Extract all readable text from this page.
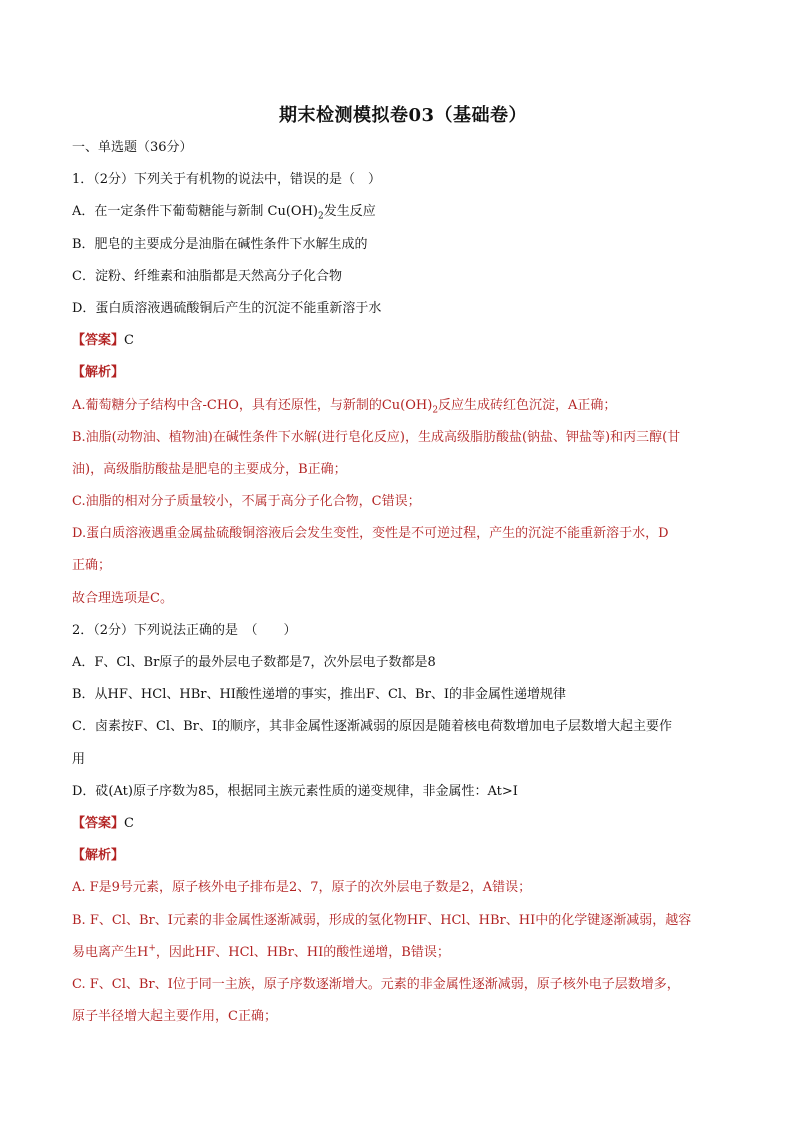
期末检测模拟卷03（基础卷）
一、单选题（36分）
1．（2分）下列关于有机物的说法中，错误的是（　）
A．在一定条件下葡萄糖能与新制 $Cu(OH)_2$发生反应
B．肥皂的主要成分是油脂在碱性条件下水解生成的
C．淀粉、纤维素和油脂都是天然高分子化合物
D．蛋白质溶液遇硫酸铜后产生的沉淀不能重新溶于水
【答案】C
【解析】
A.葡萄糖分子结构中含-CHO，具有还原性，与新制的$Cu(OH)_2$反应生成砖红色沉淀，A正确；
B.油脂(动物油、植物油)在碱性条件下水解(进行皂化反应)，生成高级脂肪酸盐(钠盐、钾盐等)和丙三醇(甘
油)，高级脂肪酸盐是肥皂的主要成分，B正确；
C.油脂的相对分子质量较小，不属于高分子化合物，C错误；
D.蛋白质溶液遇重金属盐硫酸铜溶液后会发生变性，变性是不可逆过程，产生的沉淀不能重新溶于水，D
正确；
故合理选项是C。
2．（2分）下列说法正确的是　（　　）
A．F、Cl、Br原子的最外层电子数都是7，次外层电子数都是8
B．从HF、HCl、HBr、HI酸性递增的事实，推出F、Cl、Br、I的非金属性递增规律
C．卤素按F、Cl、Br、I的顺序，其非金属性逐渐减弱的原因是随着核电荷数增加电子层数增大起主要作
用
D．砹(At)原子序数为85，根据同主族元素性质的递变规律，非金属性：At>I
【答案】C
【解析】
A. F是9号元素，原子核外电子排布是2、7，原子的次外层电子数是2，A错误；
B. F、Cl、Br、I元素的非金属性逐渐减弱，形成的氢化物HF、HCl、HBr、HI中的化学键逐渐减弱，越容
易电离产生H+，因此HF、HCl、HBr、HI的酸性递增，B错误；
C. F、Cl、Br、I位于同一主族，原子序数逐渐增大。元素的非金属性逐渐减弱，原子核外电子层数增多，
原子半径增大起主要作用，C正确；
